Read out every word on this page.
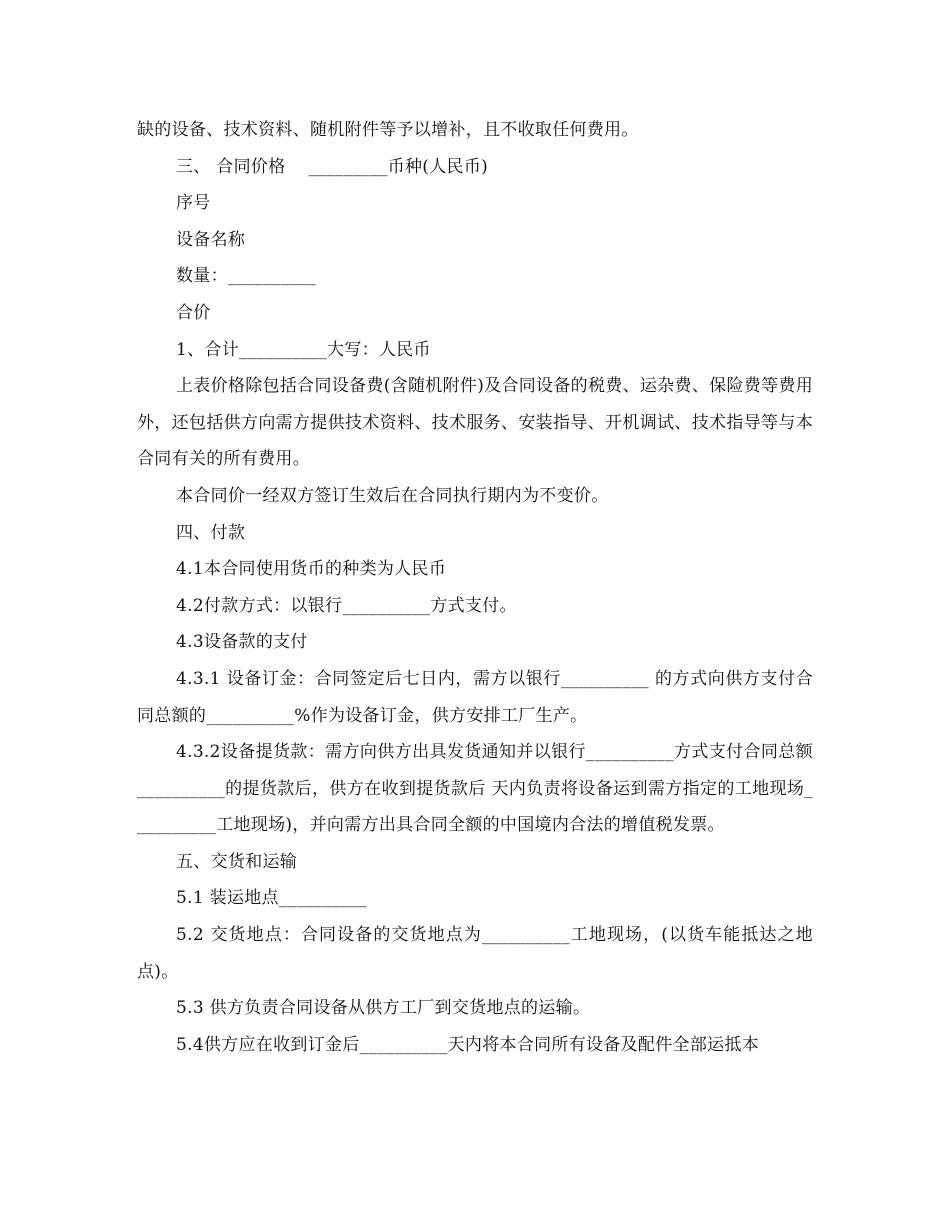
缺的设备、技术资料、随机附件等予以增补，且不收取任何费用。

三、 合同价格　 _________币种(人民币)

序号

设备名称

数量：__________

合价

1、合计__________大写：人民币

上表价格除包括合同设备费(含随机附件)及合同设备的税费、运杂费、保险费等费用外，还包括供方向需方提供技术资料、技术服务、安装指导、开机调试、技术指导等与本合同有关的所有费用。

本合同价一经双方签订生效后在合同执行期内为不变价。

四、付款

4.1本合同使用货币的种类为人民币

4.2付款方式：以银行__________方式支付。

4.3设备款的支付

4.3.1 设备订金：合同签定后七日内，需方以银行__________ 的方式向供方支付合同总额的__________%作为设备订金，供方安排工厂生产。

4.3.2设备提货款：需方向供方出具发货通知并以银行__________方式支付合同总额__________的提货款后，供方在收到提货款后 天内负责将设备运到需方指定的工地现场__________工地现场)，并向需方出具合同全额的中国境内合法的增值税发票。

五、交货和运输

5.1 装运地点__________

5.2 交货地点：合同设备的交货地点为__________工地现场，(以货车能抵达之地点)。

5.3 供方负责合同设备从供方工厂到交货地点的运输。

5.4供方应在收到订金后__________天内将本合同所有设备及配件全部运抵本
